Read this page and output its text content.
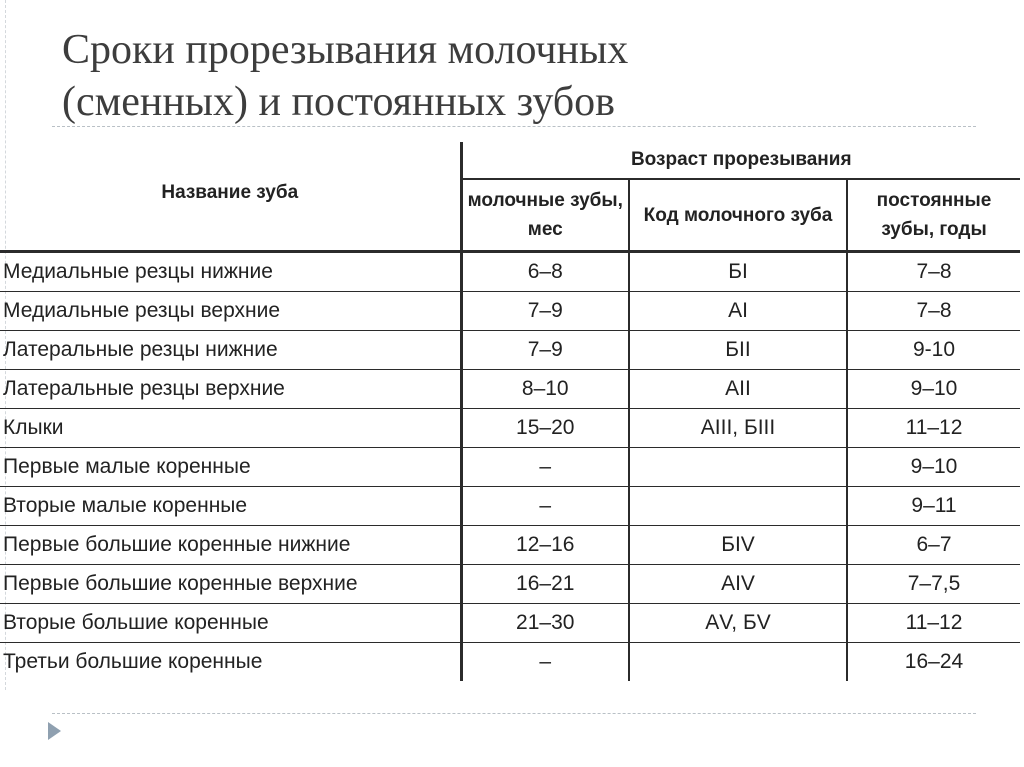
Сроки прорезывания молочных
(сменных) и постоянных зубов
Название зуба	Возраст прорезывания		
	молочные зубы, мес	Код молочного зуба	постоянные зубы, годы
Медиальные резцы нижние	6–8	БI	7–8
Медиальные резцы верхние	7–9	АI	7–8
Латеральные резцы нижние	7–9	БII	9-10
Латеральные резцы верхние	8–10	АII	9–10
Клыки	15–20	АIII, БIII	11–12
Первые малые коренные	–		9–10
Вторые малые коренные	–		9–11
Первые большие коренные нижние	12–16	БIV	6–7
Первые большие коренные верхние	16–21	АIV	7–7,5
Вторые большие коренные	21–30	АV, БV	11–12
Третьи большие коренные	–		16–24
